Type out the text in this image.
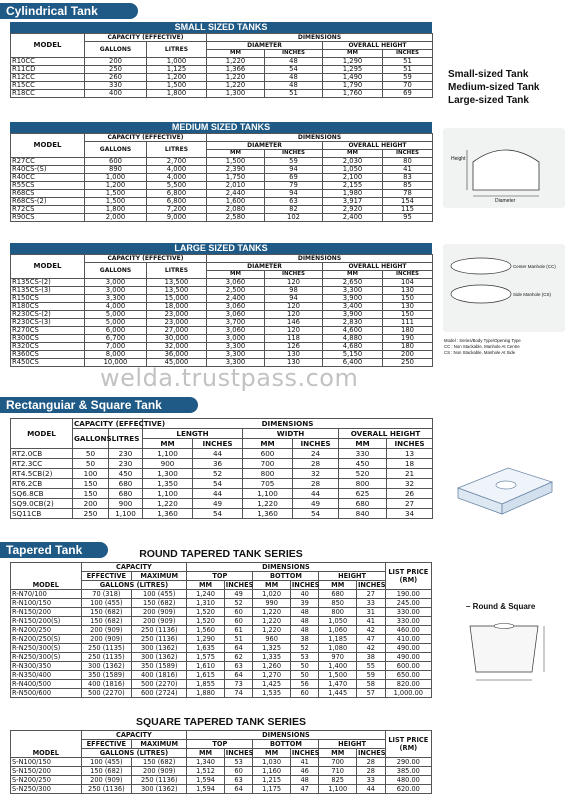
Cylindrical Tank
Rectanguiar & Square Tank
Tapered Tank
SMALL SIZED TANKS
MODEL	CAPACITY (EFFECTIVE)		DIMENSIONS			
	GALLONS	LITRES	DIAMETER		OVERALL HEIGHT	
			MM	INCHES	MM	INCHES
R10CC	200	1,000	1,220	48	1,290	51
R11CD	250	1,125	1,366	54	1,295	51
R12CC	260	1,200	1,220	48	1,490	59
R15CC	330	1,500	1,220	48	1,790	70
R18CC	400	1,800	1,300	51	1,760	69
MEDIUM SIZED TANKS
MODEL	CAPACITY (EFFECTIVE)		DIMENSIONS			
	GALLONS	LITRES	DIAMETER		OVERALL HEIGHT	
			MM	INCHES	MM	INCHES
R27CC	600	2,700	1,500	59	2,030	80
R40CS-(S)	890	4,000	2,390	94	1,050	41
R40CC	1,000	4,000	1,750	69	2,100	83
R55CS	1,200	5,500	2,010	79	2,155	85
R68CS	1,500	6,800	2,440	94	1,980	78
R68CS-(2)	1,500	6,800	1,600	63	3,917	154
R72CS	1,800	7,200	2,080	82	2,920	115
R90CS	2,000	9,000	2,580	102	2,400	95
LARGE SIZED TANKS
MODEL	CAPACITY (EFFECTIVE)		DIMENSIONS			
	GALLONS	LITRES	DIAMETER		OVERALL HEIGHT	
			MM	INCHES	MM	INCHES
R135CS-(2)	3,000	13,500	3,060	120	2,650	104
R135CS-(3)	3,000	13,500	2,500	98	3,300	130
R150CS	3,300	15,000	2,400	94	3,900	150
R180CS	4,000	18,000	3,060	120	3,400	130
R230CS-(2)	5,000	23,000	3,060	120	3,900	150
R230CS-(3)	5,000	23,000	3,700	146	2,830	111
R270CS	6,000	27,000	3,060	120	4,600	180
R300CS	6,700	30,000	3,000	118	4,880	190
R320CS	7,000	32,000	3,300	126	4,680	180
R360CS	8,000	36,000	3,300	130	5,150	200
R450CS	10,000	45,000	3,300	130	6,400	250
Small-sized Tank
Medium-sized Tank
Large-sized Tank
Height
Diameter
Center Manhole (CC)
Side Manhole (CS)
Model : Series/Body Type/Opening Type
CC : Non Stackable, Manhole At Centre
CS : Non Stackable, Manhole At Side
welda.trustpass.com
MODEL	CAPACITY (EFFECTIVE)		DIMENSIONS					
	GALLONS	LITRES	LENGTH		WIDTH		OVERALL HEIGHT	
			MM	INCHES	MM	INCHES	MM	INCHES
RT2.0CB	50	230	1,100	44	600	24	330	13
RT2.3CC	50	230	900	36	700	28	450	18
RT4.5CB(2)	100	450	1,300	52	800	32	520	21
RT6.2CB	150	680	1,350	54	705	28	800	32
SQ6.8CB	150	680	1,100	44	1,100	44	625	26
SQ9.0CB(2)	200	900	1,220	49	1,220	49	680	27
SQ11CB	250	1,100	1,360	54	1,360	54	840	34
ROUND TAPERED TANK SERIES
MODEL	CAPACITY		DIMENSIONS						LIST PRICE
(RM)
	EFFECTIVE	MAXIMUM	TOP		BOTTOM		HEIGHT		
	GALLONS (LITRES)		MM	INCHES	MM	INCHES	MM	INCHES	
R-N70/100	70 (318)	100 (455)	1,240	49	1,020	40	680	27	190.00
R-N100/150	100 (455)	150 (682)	1,310	52	990	39	850	33	245.00
R-N150/200	150 (682)	200 (909)	1,520	60	1,220	48	800	31	330.00
R-N150/200(S)	150 (682)	200 (909)	1,520	60	1,220	48	1,050	41	330.00
R-N200/250	200 (909)	250 (1136)	1,560	61	1,220	48	1,060	42	460.00
R-N200/250(S)	200 (909)	250 (1136)	1,290	51	960	38	1,185	47	410.00
R-N250/300(S)	250 (1135)	300 (1362)	1,635	64	1,325	52	1,080	42	490.00
R-N250/300(S)	250 (1135)	300 (1362)	1,575	62	1,335	53	970	38	490.00
R-N300/350	300 (1362)	350 (1589)	1,610	63	1,260	50	1,400	55	600.00
R-N350/400	350 (1589)	400 (1816)	1,615	64	1,270	50	1,500	59	650.00
R-N400/500	400 (1816)	500 (2270)	1,855	73	1,425	56	1,470	58	820.00
R-N500/600	500 (2270)	600 (2724)	1,880	74	1,535	60	1,445	57	1,000.00
– Round & Square
SQUARE TAPERED TANK SERIES
MODEL	CAPACITY		DIMENSIONS						LIST PRICE
(RM)
	EFFECTIVE	MAXIMUM	TOP		BOTTOM		HEIGHT		
	GALLONS (LITRES)		MM	INCHES	MM	INCHES	MM	INCHES	
S-N100/150	100 (455)	150 (682)	1,340	53	1,030	41	700	28	290.00
S-N150/200	150 (682)	200 (909)	1,512	60	1,160	46	710	28	385.00
S-N200/250	200 (909)	250 (1136)	1,594	63	1,215	48	825	33	480.00
S-N250/300	250 (1136)	300 (1362)	1,594	64	1,175	47	1,100	44	620.00
